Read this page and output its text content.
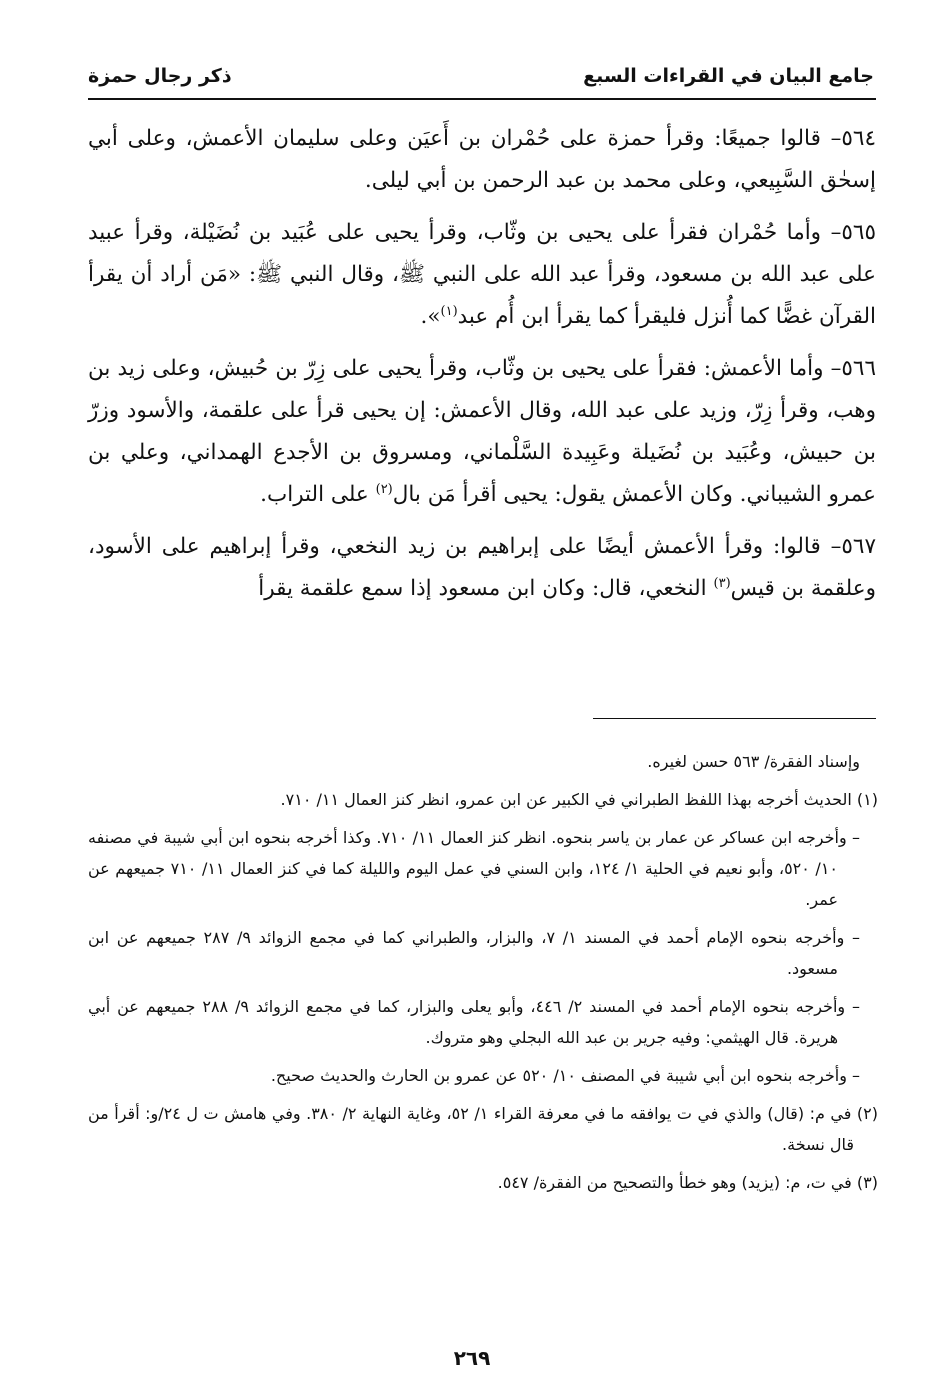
جامع البيان في القراءات السبع
ذكر رجال حمزة

٥٦٤– قالوا جميعًا: وقرأ حمزة على حُمْران بن أَعيَن وعلى سليمان الأعمش، وعلى أبي إسحٰق السَّبِيعي، وعلى محمد بن عبد الرحمن بن أبي ليلى.

٥٦٥– وأما حُمْران فقرأ على يحيى بن وثّاب، وقرأ يحيى على عُبَيد بن نُضَيْلة، وقرأ عبيد على عبد الله بن مسعود، وقرأ عبد الله على النبي ﷺ، وقال النبي ﷺ: «مَن أراد أن يقرأ القرآن غضًّا كما أُنزل فليقرأ كما يقرأ ابن أُم عبد$^{(١)}$».

٥٦٦– وأما الأعمش: فقرأ على يحيى بن وثّاب، وقرأ يحيى على زِرّ بن حُبيش، وعلى زيد بن وهب، وقرأ زِرّ، وزيد على عبد الله، وقال الأعمش: إن يحيى قرأ على علقمة، والأسود وزرّ بن حبيش، وعُبَيد بن نُضَيلة وعَبِيدة السَّلْماني، ومسروق بن الأجدع الهمداني، وعلي بن عمرو الشيباني. وكان الأعمش يقول: يحيى أقرأ مَن بال$^{(٢)}$ على التراب.

٥٦٧– قالوا: وقرأ الأعمش أيضًا على إبراهيم بن زيد النخعي، وقرأ إبراهيم على الأسود، وعلقمة بن قيس$^{(٣)}$ النخعي، قال: وكان ابن مسعود إذا سمع علقمة يقرأ

وإسناد الفقرة/ ٥٦٣ حسن لغيره.

(١) الحديث أخرجه بهذا اللفظ الطبراني في الكبير عن ابن عمرو، انظر كنز العمال ١١/ ٧١٠.

– وأخرجه ابن عساكر عن عمار بن ياسر بنحوه. انظر كنز العمال ١١/ ٧١٠. وكذا أخرجه بنحوه ابن أبي شيبة في مصنفه ١٠/ ٥٢٠، وأبو نعيم في الحلية ١/ ١٢٤، وابن السني في عمل اليوم والليلة كما في كنز العمال ١١/ ٧١٠ جميعهم عن عمر.

– وأخرجه بنحوه الإمام أحمد في المسند ١/ ٧، والبزار، والطبراني كما في مجمع الزوائد ٩/ ٢٨٧ جميعهم عن ابن مسعود.

– وأخرجه بنحوه الإمام أحمد في المسند ٢/ ٤٤٦، وأبو يعلى والبزار، كما في مجمع الزوائد ٩/ ٢٨٨ جميعهم عن أبي هريرة. قال الهيثمي: وفيه جرير بن عبد الله البجلي وهو متروك.

– وأخرجه بنحوه ابن أبي شيبة في المصنف ١٠/ ٥٢٠ عن عمرو بن الحارث والحديث صحيح.

(٢) في م: (قال) والذي في ت يوافقه ما في معرفة القراء ١/ ٥٢، وغاية النهاية ٢/ ٣٨٠. وفي هامش ت ل ٢٤/و: أقرأ من قال نسخة.

(٣) في ت، م: (يزيد) وهو خطأ والتصحيح من الفقرة/ ٥٤٧.

٢٦٩
